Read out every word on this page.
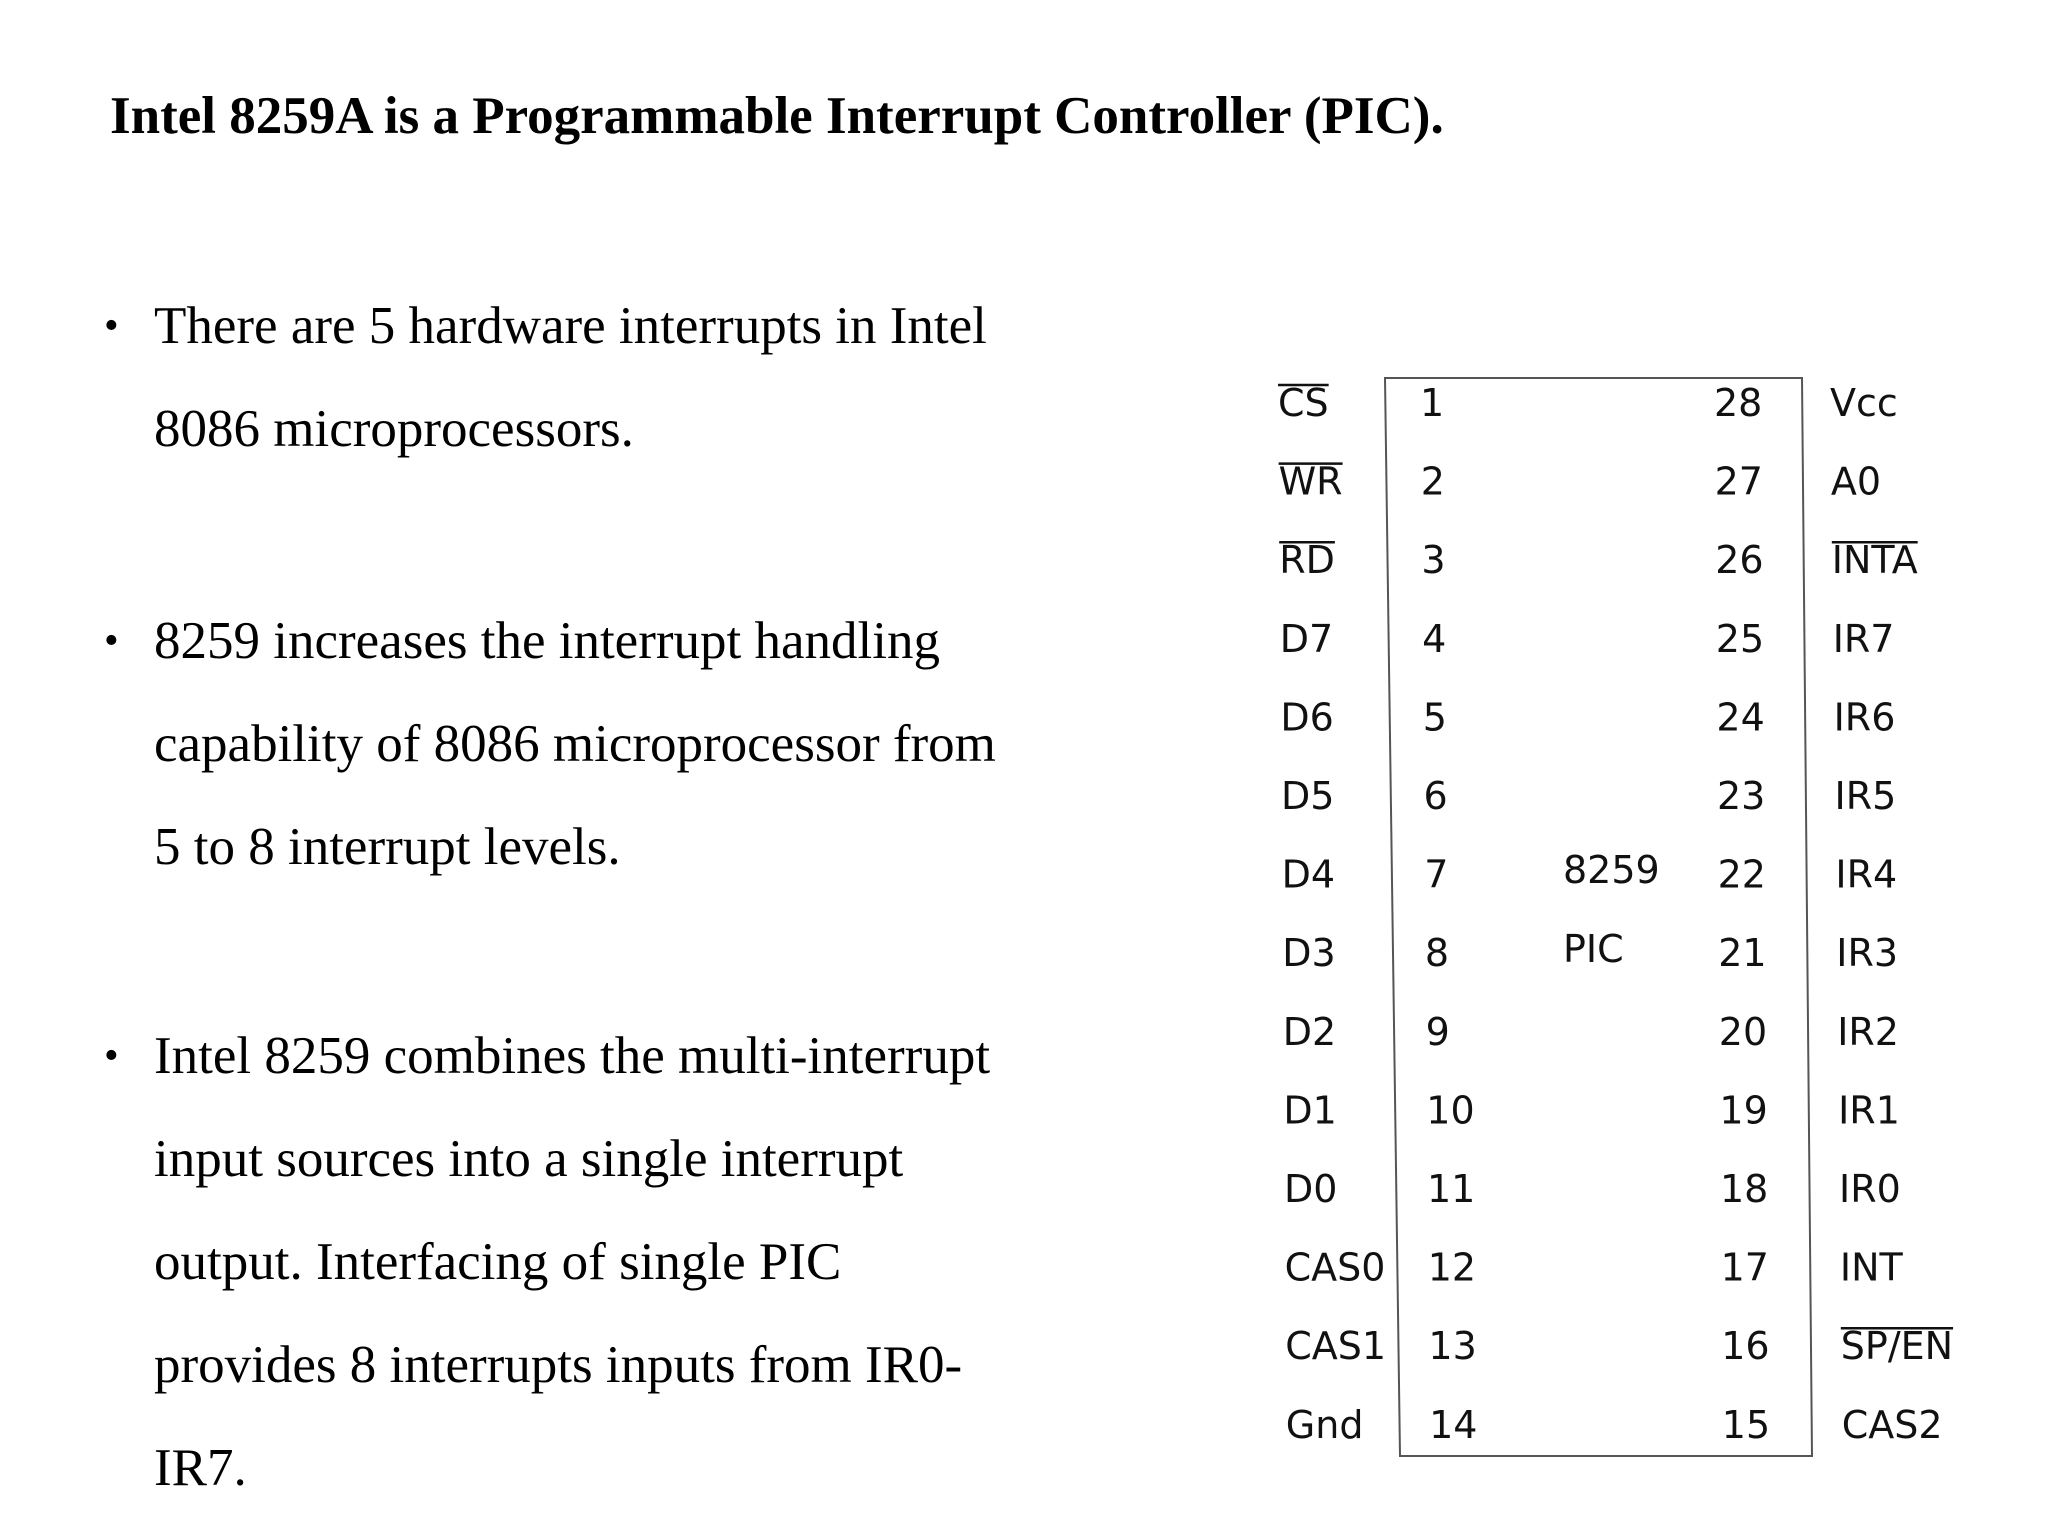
Intel 8259A is a Programmable Interrupt Controller (PIC).
• There are 5 hardware interrupts in Intel
8086 microprocessors.
• 8259 increases the interrupt handling
capability of 8086 microprocessor from
5 to 8 interrupt levels.
• Intel 8259 combines the multi-interrupt
input sources into a single interrupt
output. Interfacing of single PIC
provides 8 interrupts inputs from IR0-
IR7.
8259
PIC
CS 1
WR 2
RD 3
D7 4
D6 5
D5 6
D4 7
D3 8
D2 9
D1 10
D0 11
CAS0 12
CAS1 13
Gnd 14
28 Vcc
27 A0
26 INTA
25 IR7
24 IR6
23 IR5
22 IR4
21 IR3
20 IR2
19 IR1
18 IR0
17 INT
16 SP/EN
15 CAS2
